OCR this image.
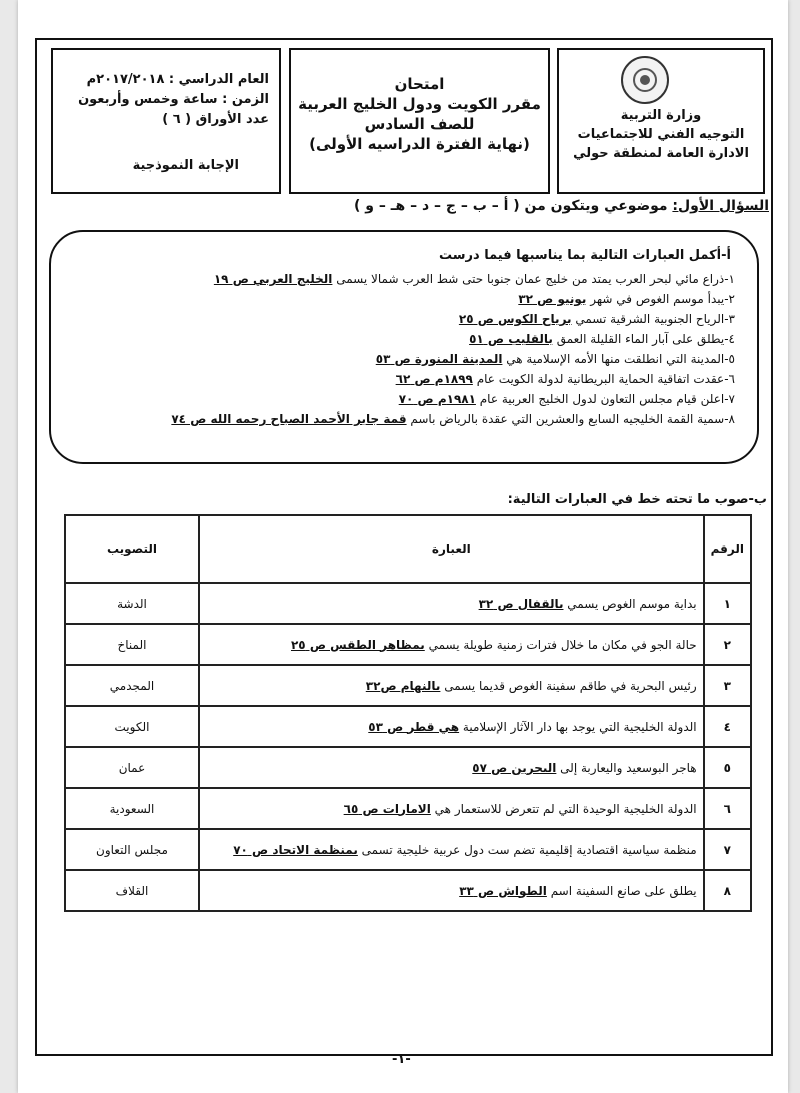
وزارة التربية
التوجيه الفني للاجتماعيات
الادارة العامة لمنطقة حولي
امتحان
مقرر الكويت ودول الخليج العربية
للصف السادس
(نهاية الفترة الدراسيه الأولى)
العام الدراسي : ٢٠١٧/٢٠١٨م
الزمن : ساعة وخمس وأربعون
عدد الأوراق ( ٦ )
الإجابة النموذجية
السؤال الأول: موضوعي ويتكون من ( أ – ب – ج – د – هـ – و )
أ-أكمل العبارات التالية بما يناسبها فيما درست
١-ذراع مائي لبحر العرب يمتد من خليج عمان جنوبا حتى شط العرب شمالا يسمى الخليج العربي ص ١٩
٢-يبدأ موسم الغوص في شهر يونيو ص ٣٢
٣-الرياح الجنوبية الشرقية تسمي برياح الكوس ص ٢٥
٤-يطلق على آبار الماء القليلة العمق بالقليب ص ٥١
٥-المدينة التي انطلقت منها الأمه الإسلامية هي المدينة المنورة ص ٥٣
٦-عقدت اتفاقية الحماية البريطانية لدولة الكويت عام ١٨٩٩م ص ٦٢
٧-اعلن قيام مجلس التعاون لدول الخليج العربية عام ١٩٨١م ص ٧٠
٨-سمية القمة الخليجيه السابع والعشرين التي عقدة بالرياض باسم قمة جابر الأحمد الصباح رحمه الله ص ٧٤
ب-صوب ما تحته خط في العبارات التالية:
الرقم	العبارة	التصويب
١	بداية موسم الغوص يسمي بالقفال ص ٣٢	الدشة
٢	حالة الجو في مكان ما خلال فترات زمنية طويلة يسمي بمظاهر الطقس ص ٢٥	المناخ
٣	رئيس البحرية في طاقم سفينة الغوص قديما يسمى بالنهام ص٣٢	المجدمي
٤	الدولة الخليجية التي يوجد بها دار الآثار الإسلامية هي قطر ص ٥٣	الكويت
٥	هاجر البوسعيد واليعاربة إلى البحرين ص ٥٧	عمان
٦	الدولة الخليجية الوحيدة التي لم تتعرض للاستعمار هي الامارات ص ٦٥	السعودية
٧	منظمة سياسية اقتصادية إقليمية تضم ست دول عربية خليجية تسمى بمنظمة الاتحاد ص ٧٠	مجلس التعاون
٨	يطلق على صانع السفينة اسم الطواش ص ٣٣	القلاف
-١-
